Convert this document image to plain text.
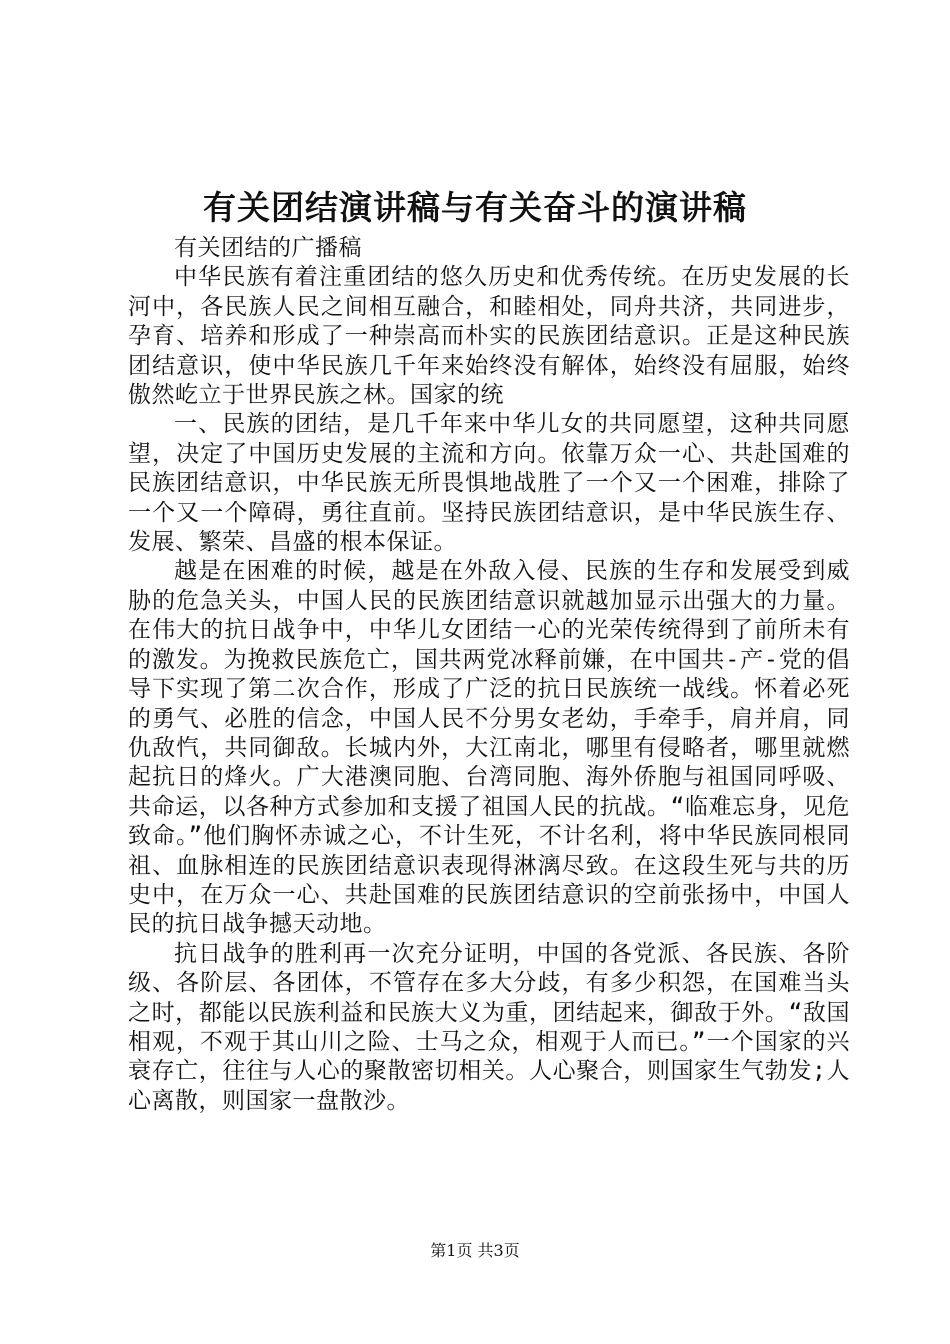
有关团结演讲稿与有关奋斗的演讲稿

有关团结的广播稿

中华民族有着注重团结的悠久历史和优秀传统。在历史发展的长河中，各民族人民之间相互融合，和睦相处，同舟共济，共同进步，孕育、培养和形成了一种崇高而朴实的民族团结意识。正是这种民族团结意识，使中华民族几千年来始终没有解体，始终没有屈服，始终傲然屹立于世界民族之林。国家的统

一、民族的团结，是几千年来中华儿女的共同愿望，这种共同愿望，决定了中国历史发展的主流和方向。依靠万众一心、共赴国难的民族团结意识，中华民族无所畏惧地战胜了一个又一个困难，排除了一个又一个障碍，勇往直前。坚持民族团结意识，是中华民族生存、发展、繁荣、昌盛的根本保证。

越是在困难的时候，越是在外敌入侵、民族的生存和发展受到威胁的危急关头，中国人民的民族团结意识就越加显示出强大的力量。在伟大的抗日战争中，中华儿女团结一心的光荣传统得到了前所未有的激发。为挽救民族危亡，国共两党冰释前嫌，在中国共-产-党的倡导下实现了第二次合作，形成了广泛的抗日民族统一战线。怀着必死的勇气、必胜的信念，中国人民不分男女老幼，手牵手，肩并肩，同仇敌忾，共同御敌。长城内外，大江南北，哪里有侵略者，哪里就燃起抗日的烽火。广大港澳同胞、台湾同胞、海外侨胞与祖国同呼吸、共命运，以各种方式参加和支援了祖国人民的抗战。“临难忘身，见危致命。”他们胸怀赤诚之心，不计生死，不计名利，将中华民族同根同祖、血脉相连的民族团结意识表现得淋漓尽致。在这段生死与共的历史中，在万众一心、共赴国难的民族团结意识的空前张扬中，中国人民的抗日战争撼天动地。

抗日战争的胜利再一次充分证明，中国的各党派、各民族、各阶级、各阶层、各团体，不管存在多大分歧，有多少积怨，在国难当头之时，都能以民族利益和民族大义为重，团结起来，御敌于外。“敌国相观，不观于其山川之险、士马之众，相观于人而已。”一个国家的兴衰存亡，往往与人心的聚散密切相关。人心聚合，则国家生气勃发;人心离散，则国家一盘散沙。

第1页 共3页
